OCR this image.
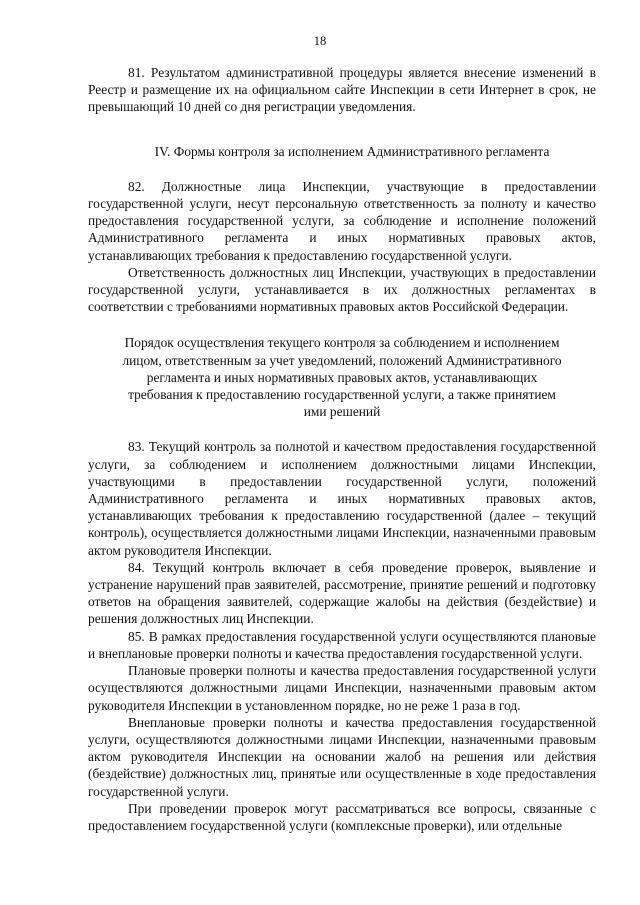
18

81. Результатом административной процедуры является внесение изменений в Реестр и размещение их на официальном сайте Инспекции в сети Интернет в срок, не превышающий 10 дней со дня регистрации уведомления.

IV. Формы контроля за исполнением Административного регламента

82. Должностные лица Инспекции, участвующие в предоставлении государственной услуги, несут персональную ответственность за полноту и качество предоставления государственной услуги, за соблюдение и исполнение положений Административного регламента и иных нормативных правовых актов, устанавливающих требования к предоставлению государственной услуги.

Ответственность должностных лиц Инспекции, участвующих в предоставлении государственной услуги, устанавливается в их должностных регламентах в соответствии с требованиями нормативных правовых актов Российской Федерации.

Порядок осуществления текущего контроля за соблюдением и исполнением лицом, ответственным за учет уведомлений, положений Административного регламента и иных нормативных правовых актов, устанавливающих требования к предоставлению государственной услуги, а также принятием ими решений

83. Текущий контроль за полнотой и качеством предоставления государственной услуги, за соблюдением и исполнением должностными лицами Инспекции, участвующими в предоставлении государственной услуги, положений Административного регламента и иных нормативных правовых актов, устанавливающих требования к предоставлению государственной (далее – текущий контроль), осуществляется должностными лицами Инспекции, назначенными правовым актом руководителя Инспекции.

84. Текущий контроль включает в себя проведение проверок, выявление и устранение нарушений прав заявителей, рассмотрение, принятие решений и подготовку ответов на обращения заявителей, содержащие жалобы на действия (бездействие) и решения должностных лиц Инспекции.

85. В рамках предоставления государственной услуги осуществляются плановые и внеплановые проверки полноты и качества предоставления государственной услуги.

Плановые проверки полноты и качества предоставления государственной услуги осуществляются должностными лицами Инспекции, назначенными правовым актом руководителя Инспекции в установленном порядке, но не реже 1 раза в год.

Внеплановые проверки полноты и качества предоставления государственной услуги, осуществляются должностными лицами Инспекции, назначенными правовым актом руководителя Инспекции на основании жалоб на решения или действия (бездействие) должностных лиц, принятые или осуществленные в ходе предоставления государственной услуги.

При проведении проверок могут рассматриваться все вопросы, связанные с предоставлением государственной услуги (комплексные проверки), или отдельные
